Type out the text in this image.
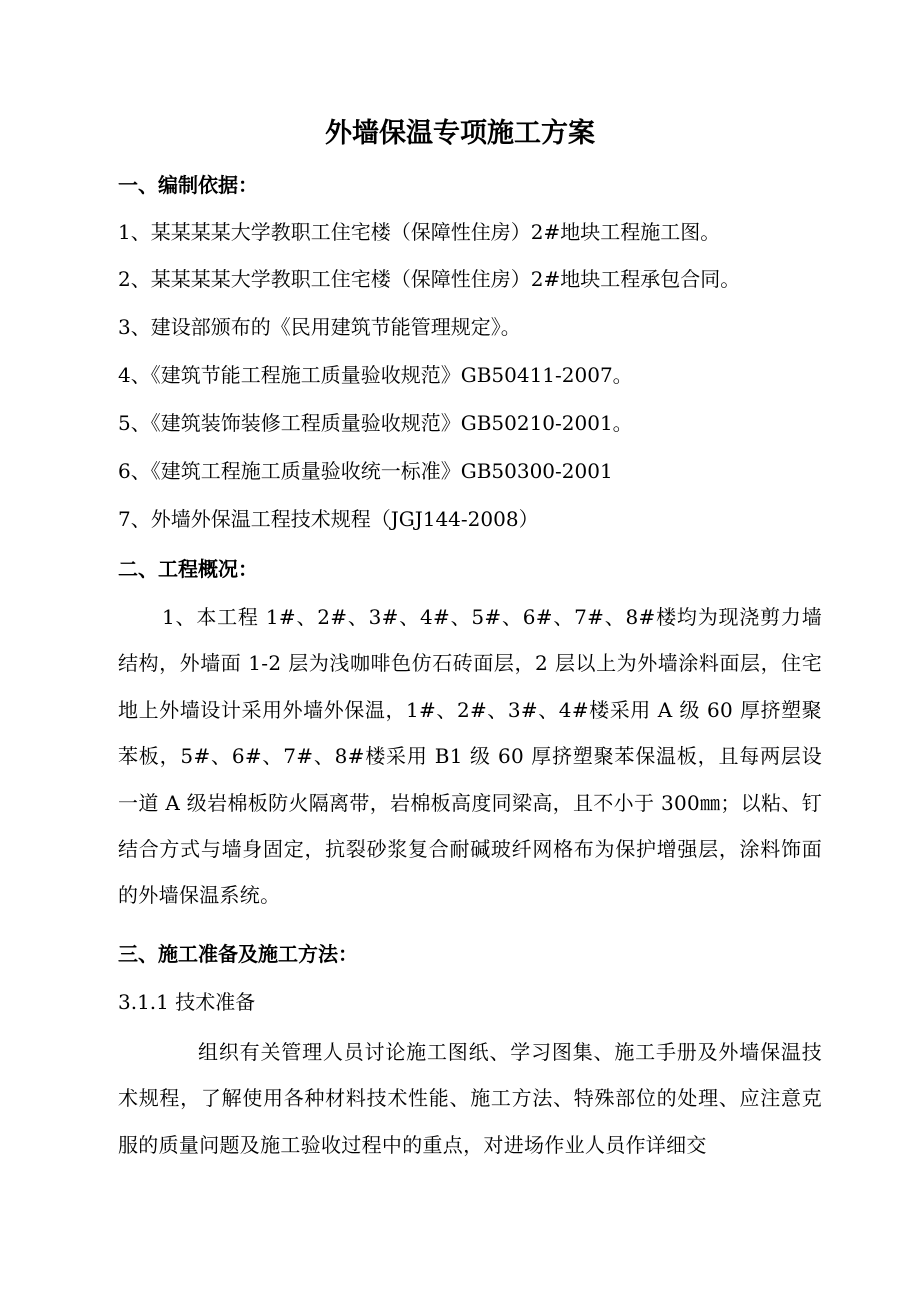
外墙保温专项施工方案
一、编制依据：
1、某某某某大学教职工住宅楼（保障性住房）2#地块工程施工图。
2、某某某某大学教职工住宅楼（保障性住房）2#地块工程承包合同。
3、建设部颁布的《民用建筑节能管理规定》。
4、《建筑节能工程施工质量验收规范》GB50411-2007。
5、《建筑装饰装修工程质量验收规范》GB50210-2001。
6、《建筑工程施工质量验收统一标准》GB50300-2001
7、外墙外保温工程技术规程（JGJ144-2008）
二、工程概况：
1、本工程 1#、2#、3#、4#、5#、6#、7#、8#楼均为现浇剪力墙结构，外墙面 1-2 层为浅咖啡色仿石砖面层，2 层以上为外墙涂料面层，住宅地上外墙设计采用外墙外保温，1#、2#、3#、4#楼采用 A 级 60 厚挤塑聚苯板，5#、6#、7#、8#楼采用 B1 级 60 厚挤塑聚苯保温板，且每两层设一道 A 级岩棉板防火隔离带，岩棉板高度同梁高，且不小于 300㎜；以粘、钉结合方式与墙身固定，抗裂砂浆复合耐碱玻纤网格布为保护增强层，涂料饰面的外墙保温系统。
三、施工准备及施工方法：
3.1.1 技术准备
组织有关管理人员讨论施工图纸、学习图集、施工手册及外墙保温技术规程，了解使用各种材料技术性能、施工方法、特殊部位的处理、应注意克服的质量问题及施工验收过程中的重点，对进场作业人员作详细交
